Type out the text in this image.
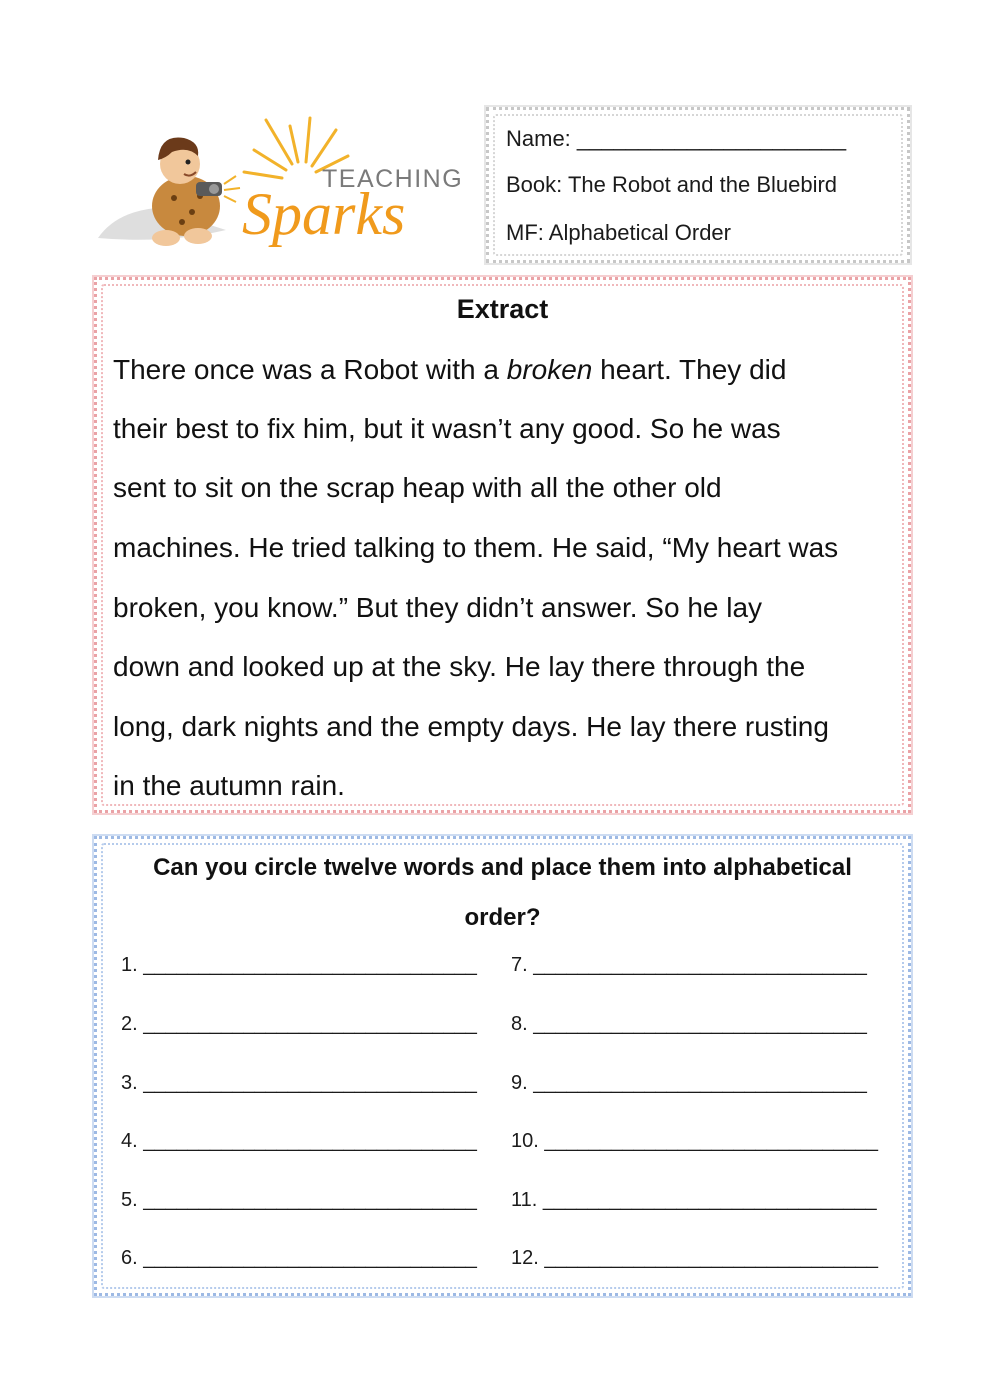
TEACHING
Sparks
Name: ______________________
Book: The Robot and the Bluebird
MF: Alphabetical Order
Extract
There once was a Robot with a broken heart. They did
their best to fix him, but it wasn’t any good. So he was
sent to sit on the scrap heap with all the other old
machines. He tried talking to them. He said, “My heart was
broken, you know.” But they didn’t answer. So he lay
down and looked up at the sky. He lay there through the
long, dark nights and the empty days. He lay there rusting
in the autumn rain.
Can you circle twelve words and place them into alphabetical
order?
1. ______________________________
2. ______________________________
3. ______________________________
4. ______________________________
5. ______________________________
6. ______________________________
7. ______________________________
8. ______________________________
9. ______________________________
10. ______________________________
11. ______________________________
12. ______________________________
